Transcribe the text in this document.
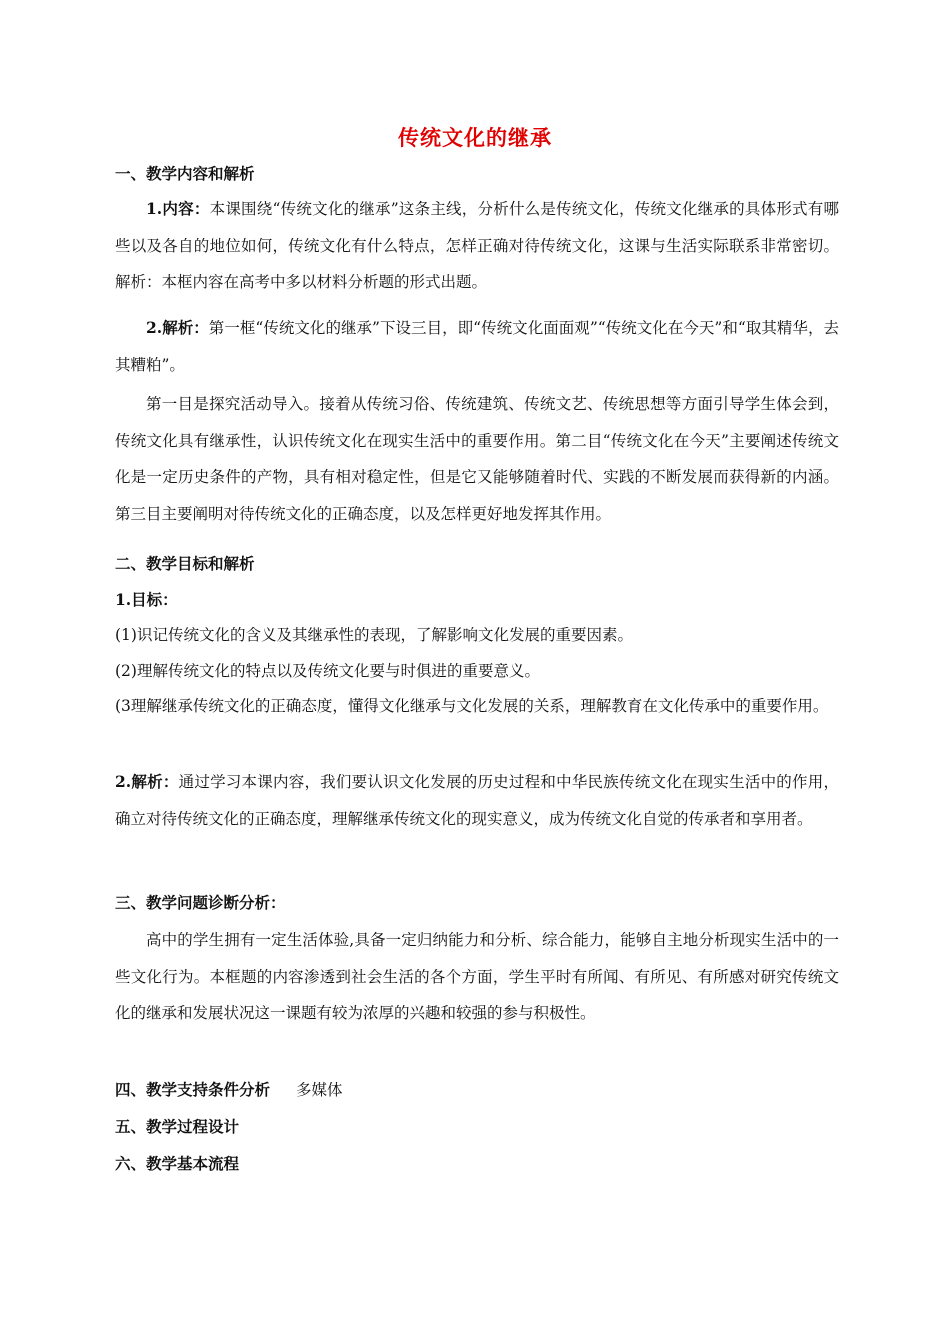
传统文化的继承
一、教学内容和解析

1.内容：本课围绕“传统文化的继承”这条主线，分析什么是传统文化，传统文化继承的具体形式有哪些以及各自的地位如何，传统文化有什么特点，怎样正确对待传统文化，这课与生活实际联系非常密切。解析：本框内容在高考中多以材料分析题的形式出题。

2.解析：第一框“传统文化的继承”下设三目，即“传统文化面面观”“传统文化在今天”和“取其精华，去其糟粕”。

第一目是探究活动导入。接着从传统习俗、传统建筑、传统文艺、传统思想等方面引导学生体会到，传统文化具有继承性，认识传统文化在现实生活中的重要作用。第二目“传统文化在今天”主要阐述传统文化是一定历史条件的产物，具有相对稳定性，但是它又能够随着时代、实践的不断发展而获得新的内涵。第三目主要阐明对待传统文化的正确态度，以及怎样更好地发挥其作用。

二、教学目标和解析
1.目标：
(1)识记传统文化的含义及其继承性的表现，了解影响文化发展的重要因素。
(2)理解传统文化的特点以及传统文化要与时俱进的重要意义。

(3理解继承传统文化的正确态度，懂得文化继承与文化发展的关系，理解教育在文化传承中的重要作用。

2.解析：通过学习本课内容，我们要认识文化发展的历史过程和中华民族传统文化在现实生活中的作用，确立对待传统文化的正确态度，理解继承传统文化的现实意义，成为传统文化自觉的传承者和享用者。

三、教学问题诊断分析：

高中的学生拥有一定生活体验,具备一定归纳能力和分析、综合能力，能够自主地分析现实生活中的一些文化行为。本框题的内容渗透到社会生活的各个方面，学生平时有所闻、有所见、有所感对研究传统文化的继承和发展状况这一课题有较为浓厚的兴趣和较强的参与积极性。

四、教学支持条件分析 多媒体
五、教学过程设计
六、教学基本流程
